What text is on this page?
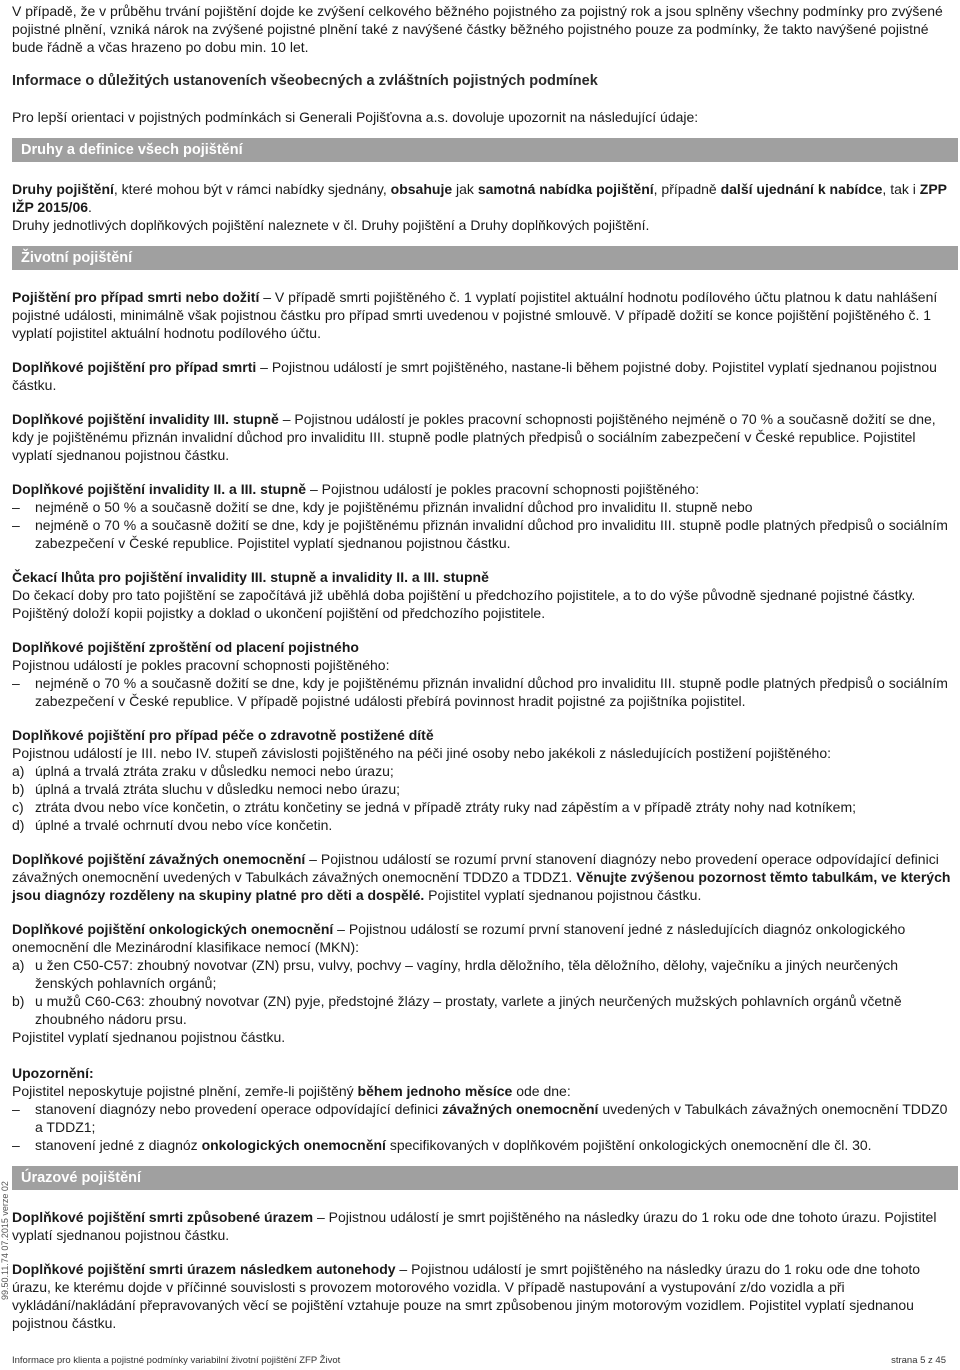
V případě, že v průběhu trvání pojištění dojde ke zvýšení celkového běžného pojistného za pojistný rok a jsou splněny všechny podmínky pro zvýšené pojistné plnění, vzniká nárok na zvýšené pojistné plnění také z navýšené částky běžného pojistného pouze za podmínky, že takto navýšené pojistné bude řádně a včas hrazeno po dobu min. 10 let.

Informace o důležitých ustanoveních všeobecných a zvláštních pojistných podmínek

Pro lepší orientaci v pojistných podmínkách si Generali Pojišťovna a.s. dovoluje upozornit na následující údaje:

Druhy a definice všech pojištění

Druhy pojištění, které mohou být v rámci nabídky sjednány, obsahuje jak samotná nabídka pojištění, případně další ujednání k nabídce, tak i ZPP IŽP 2015/06.

Druhy jednotlivých doplňkových pojištění naleznete v čl. Druhy pojištění a Druhy doplňkových pojištění.

Životní pojištění

Pojištění pro případ smrti nebo dožití – V případě smrti pojištěného č. 1 vyplatí pojistitel aktuální hodnotu podílového účtu platnou k datu nahlášení pojistné události, minimálně však pojistnou částku pro případ smrti uvedenou v pojistné smlouvě. V případě dožití se konce pojištění pojištěného č. 1 vyplatí pojistitel aktuální hodnotu podílového účtu.

Doplňkové pojištění pro případ smrti – Pojistnou událostí je smrt pojištěného, nastane-li během pojistné doby. Pojistitel vyplatí sjednanou pojistnou částku.

Doplňkové pojištění invalidity III. stupně – Pojistnou událostí je pokles pracovní schopnosti pojištěného nejméně o 70 % a současně dožití se dne, kdy je pojištěnému přiznán invalidní důchod pro invaliditu III. stupně podle platných předpisů o sociálním zabezpečení v České republice. Pojistitel vyplatí sjednanou pojistnou částku.

Doplňkové pojištění invalidity II. a III. stupně – Pojistnou událostí je pokles pracovní schopnosti pojištěného:

– nejméně o 50 % a současně dožití se dne, kdy je pojištěnému přiznán invalidní důchod pro invaliditu II. stupně nebo
– nejméně o 70 % a současně dožití se dne, kdy je pojištěnému přiznán invalidní důchod pro invaliditu III. stupně podle platných předpisů o sociálním zabezpečení v České republice. Pojistitel vyplatí sjednanou pojistnou částku.

Čekací lhůta pro pojištění invalidity III. stupně a invalidity II. a III. stupně

Do čekací doby pro tato pojištění se započítává již uběhlá doba pojištění u předchozího pojistitele, a to do výše původně sjednané pojistné částky. Pojištěný doloží kopii pojistky a doklad o ukončení pojištění od předchozího pojistitele.

Doplňkové pojištění zproštění od placení pojistného

Pojistnou událostí je pokles pracovní schopnosti pojištěného:

– nejméně o 70 % a současně dožití se dne, kdy je pojištěnému přiznán invalidní důchod pro invaliditu III. stupně podle platných předpisů o sociálním zabezpečení v České republice. V případě pojistné události přebírá povinnost hradit pojistné za pojištníka pojistitel.

Doplňkové pojištění pro případ péče o zdravotně postižené dítě

Pojistnou událostí je III. nebo IV. stupeň závislosti pojištěného na péči jiné osoby nebo jakékoli z následujících postižení pojištěného:

a) úplná a trvalá ztráta zraku v důsledku nemoci nebo úrazu;
b) úplná a trvalá ztráta sluchu v důsledku nemoci nebo úrazu;
c) ztráta dvou nebo více končetin, o ztrátu končetiny se jedná v případě ztráty ruky nad zápěstím a v případě ztráty nohy nad kotníkem;
d) úplné a trvalé ochrnutí dvou nebo více končetin.

Doplňkové pojištění závažných onemocnění – Pojistnou událostí se rozumí první stanovení diagnózy nebo provedení operace odpovídající definici závažných onemocnění uvedených v Tabulkách závažných onemocnění TDDZ0 a TDDZ1. Věnujte zvýšenou pozornost těmto tabulkám, ve kterých jsou diagnózy rozděleny na skupiny platné pro děti a dospělé. Pojistitel vyplatí sjednanou pojistnou částku.

Doplňkové pojištění onkologických onemocnění – Pojistnou událostí se rozumí první stanovení jedné z následujících diagnóz onkologického onemocnění dle Mezinárodní klasifikace nemocí (MKN):

a) u žen C50-C57: zhoubný novotvar (ZN) prsu, vulvy, pochvy – vagíny, hrdla děložního, těla děložního, dělohy, vaječníku a jiných neurčených ženských pohlavních orgánů;
b) u mužů C60-C63: zhoubný novotvar (ZN) pyje, předstojné žlázy – prostaty, varlete a jiných neurčených mužských pohlavních orgánů včetně zhoubného nádoru prsu.

Pojistitel vyplatí sjednanou pojistnou částku.

Upozornění:

Pojistitel neposkytuje pojistné plnění, zemře-li pojištěný během jednoho měsíce ode dne:

– stanovení diagnózy nebo provedení operace odpovídající definici závažných onemocnění uvedených v Tabulkách závažných onemocnění TDDZ0 a TDDZ1;
– stanovení jedné z diagnóz onkologických onemocnění specifikovaných v doplňkovém pojištění onkologických onemocnění dle čl. 30.
Úrazové pojištění

Doplňkové pojištění smrti způsobené úrazem – Pojistnou událostí je smrt pojištěného na následky úrazu do 1 roku ode dne tohoto úrazu. Pojistitel vyplatí sjednanou pojistnou částku.

Doplňkové pojištění smrti úrazem následkem autonehody – Pojistnou událostí je smrt pojištěného na následky úrazu do 1 roku ode dne tohoto úrazu, ke kterému dojde v příčinné souvislosti s provozem motorového vozidla. V případě nastupování a vystupování z/do vozidla a při vykládání/nakládání přepravovaných věcí se pojištění vztahuje pouze na smrt způsobenou jiným motorovým vozidlem. Pojistitel vyplatí sjednanou pojistnou částku.

99.50.11.74 07.2015 verze 02
Informace pro klienta a pojistné podmínky variabilní životní pojištění ZFP Život	strana 5 z 45
